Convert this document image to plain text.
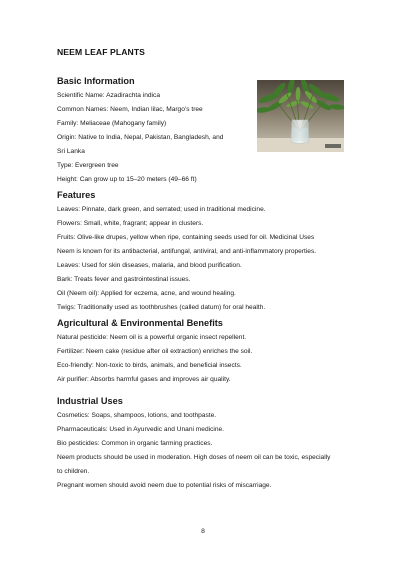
NEEM LEAF PLANTS
Basic Information
Scientific Name: Azadirachta indica
Common Names: Neem, Indian lilac, Margo’s tree
Family: Meliaceae (Mahogany family)
Origin: Native to India, Nepal, Pakistan, Bangladesh, and
Sri Lanka
Type: Evergreen tree
Height: Can grow up to 15–20 meters (49–66 ft)
Features
Leaves: Pinnate, dark green, and serrated; used in traditional medicine.
Flowers: Small, white, fragrant; appear in clusters.
Fruits: Olive-like drupes, yellow when ripe, containing seeds used for oil. Medicinal Uses
Neem is known for its antibacterial, antifungal, antiviral, and anti-inflammatory properties.
Leaves: Used for skin diseases, malaria, and blood purification.
Bark: Treats fever and gastrointestinal issues.
Oil (Neem oil): Applied for eczema, acne, and wound healing.
Twigs: Traditionally used as toothbrushes (called datum) for oral health.
Agricultural & Environmental Benefits
Natural pesticide: Neem oil is a powerful organic insect repellent.
Fertilizer: Neem cake (residue after oil extraction) enriches the soil.
Eco-friendly: Non-toxic to birds, animals, and beneficial insects.
Air purifier: Absorbs harmful gases and improves air quality.
Industrial Uses
Cosmetics: Soaps, shampoos, lotions, and toothpaste.
Pharmaceuticals: Used in Ayurvedic and Unani medicine.
Bio pesticides: Common in organic farming practices.
Neem products should be used in moderation. High doses of neem oil can be toxic, especially
to children.
Pregnant women should avoid neem due to potential risks of miscarriage.
8
